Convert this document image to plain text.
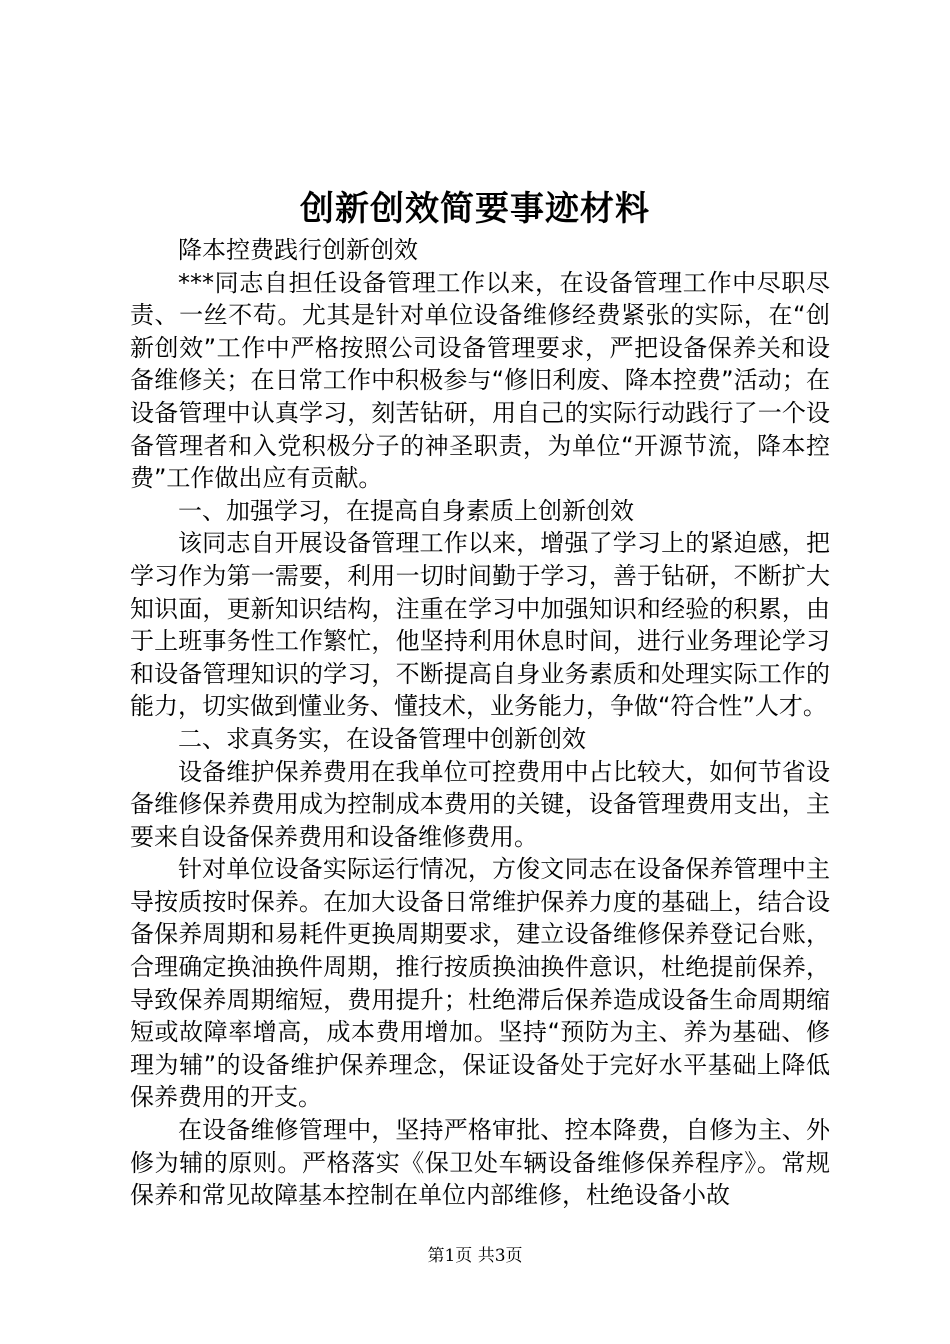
创新创效简要事迹材料

降本控费践行创新创效

***同志自担任设备管理工作以来，在设备管理工作中尽职尽责、一丝不苟。尤其是针对单位设备维修经费紧张的实际，在“创新创效”工作中严格按照公司设备管理要求，严把设备保养关和设备维修关；在日常工作中积极参与“修旧利废、降本控费”活动；在设备管理中认真学习，刻苦钻研，用自己的实际行动践行了一个设备管理者和入党积极分子的神圣职责，为单位“开源节流，降本控费”工作做出应有贡献。

一、加强学习，在提高自身素质上创新创效

该同志自开展设备管理工作以来，增强了学习上的紧迫感，把学习作为第一需要，利用一切时间勤于学习，善于钻研，不断扩大知识面，更新知识结构，注重在学习中加强知识和经验的积累，由于上班事务性工作繁忙，他坚持利用休息时间，进行业务理论学习和设备管理知识的学习，不断提高自身业务素质和处理实际工作的能力，切实做到懂业务、懂技术，业务能力，争做“符合性”人才。

二、求真务实，在设备管理中创新创效

设备维护保养费用在我单位可控费用中占比较大，如何节省设备维修保养费用成为控制成本费用的关键，设备管理费用支出，主要来自设备保养费用和设备维修费用。

针对单位设备实际运行情况，方俊文同志在设备保养管理中主导按质按时保养。在加大设备日常维护保养力度的基础上，结合设备保养周期和易耗件更换周期要求，建立设备维修保养登记台账，合理确定换油换件周期，推行按质换油换件意识，杜绝提前保养，导致保养周期缩短，费用提升；杜绝滞后保养造成设备生命周期缩短或故障率增高，成本费用增加。坚持“预防为主、养为基础、修理为辅”的设备维护保养理念，保证设备处于完好水平基础上降低保养费用的开支。

在设备维修管理中，坚持严格审批、控本降费，自修为主、外修为辅的原则。严格落实《保卫处车辆设备维修保养程序》。常规保养和常见故障基本控制在单位内部维修，杜绝设备小故

第1页 共3页
